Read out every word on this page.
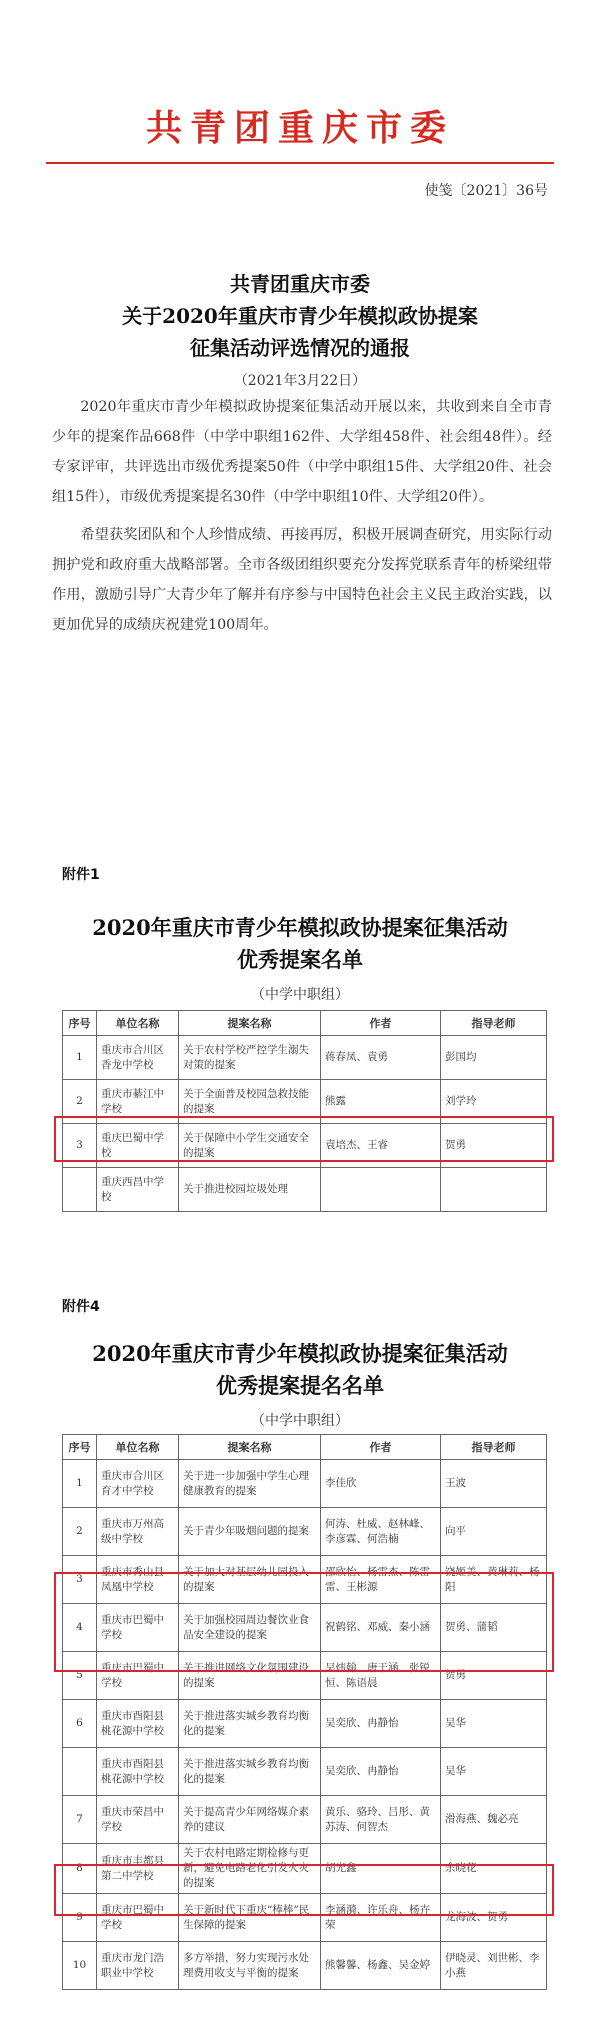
共青团重庆市委
使笺〔2021〕36号
共青团重庆市委
关于2020年重庆市青少年模拟政协提案
征集活动评选情况的通报
（2021年3月22日）

2020年重庆市青少年模拟政协提案征集活动开展以来，共收到来自全市青少年的提案作品668件（中学中职组162件、大学组458件、社会组48件）。经专家评审，共评选出市级优秀提案50件（中学中职组15件、大学组20件、社会组15件），市级优秀提案提名30件（中学中职组10件、大学组20件）。

希望获奖团队和个人珍惜成绩、再接再厉，积极开展调查研究，用实际行动拥护党和政府重大战略部署。全市各级团组织要充分发挥党联系青年的桥梁纽带作用，激励引导广大青少年了解并有序参与中国特色社会主义民主政治实践，以更加优异的成绩庆祝建党100周年。

附件1
2020年重庆市青少年模拟政协提案征集活动
优秀提案名单
（中学中职组）
序号	单位名称	提案名称	作者	指导老师
1	重庆市合川区香龙中学校	关于农村学校严控学生溺失对策的提案	蒋春凤、袁勇	彭国均
2	重庆市綦江中学校	关于全面普及校园急救技能的提案	熊露	刘学玲
3	重庆巴蜀中学校	关于保障中小学生交通安全的提案	袁培杰、王睿	贺勇
	重庆西昌中学校	关于推进校园垃圾处理		
附件4
2020年重庆市青少年模拟政协提案征集活动
优秀提案提名名单
（中学中职组）
序号	单位名称	提案名称	作者	指导老师
1	重庆市合川区育才中学校	关于进一步加强中学生心理健康教育的提案	李佳欣	王波
2	重庆市万州高级中学校	关于青少年吸烟问题的提案	何涛、杜威、赵林峰、李彦霖、何浩楠	向平
3	重庆市秀山县凤凰中学校	关于加大对基层幼儿园投入的提案	邵欣怡、杨雷杰、陈雷雷、王彬源	饶姬美、黄琳莉、杨阳
4	重庆市巴蜀中学校	关于加强校园周边餐饮业食品安全建设的提案	祝鹤铭、邓威、秦小涵	贺勇、蒲韬
5	重庆市巴蜀中学校	关于推进网络文化氛围建设的提案	吴炜翰、唐于涵、张锐恒、陈语晨	贺勇
6	重庆市酉阳县桃花源中学校	关于推进落实城乡教育均衡化的提案	吴奕欣、冉静怡	吴华
	重庆市酉阳县桃花源中学校	关于推进落实城乡教育均衡化的提案	吴奕欣、冉静怡	吴华
7	重庆市荣昌中学校	关于提高青少年网络媒介素养的建议	黄乐、骆玲、吕彤、黄苏涛、何智杰	滑海燕、魏必亮
8	重庆市丰都县第二中学校	关于农村电路定期检修与更新，避免电路老化引发火灾的提案	胡光鑫	余晓花
9	重庆市巴蜀中学校	关于新时代下重庆“棒棒”民生保障的提案	李涵漪、许乐舟、杨卉荣	龙海波、贺勇
10	重庆市龙门浩职业中学校	多方举措，努力实现污水处理费用收支与平衡的提案	熊馨馨、杨鑫、吴金婷	伊晓灵、刘世彬、李小燕
